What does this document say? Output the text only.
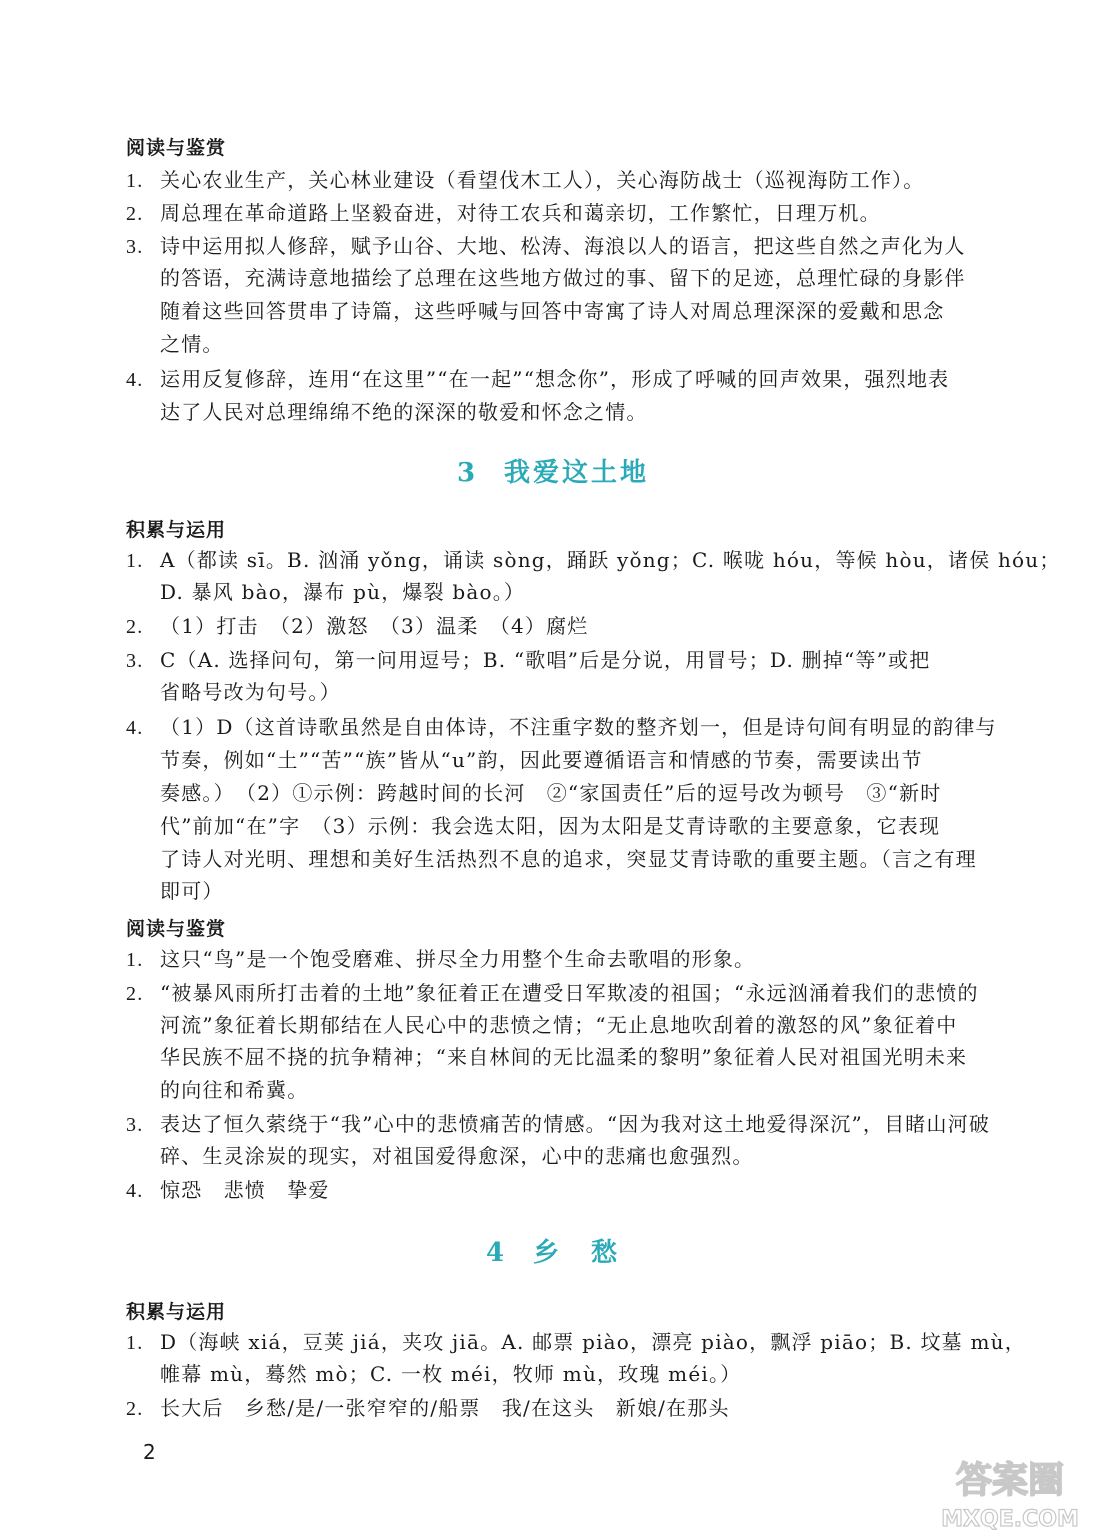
阅读与鉴赏
1. 关心农业生产，关心林业建设（看望伐木工人），关心海防战士（巡视海防工作）。
2. 周总理在革命道路上坚毅奋进，对待工农兵和蔼亲切，工作繁忙，日理万机。
3. 诗中运用拟人修辞，赋予山谷、大地、松涛、海浪以人的语言，把这些自然之声化为人
的答语，充满诗意地描绘了总理在这些地方做过的事、留下的足迹，总理忙碌的身影伴
随着这些回答贯串了诗篇，这些呼喊与回答中寄寓了诗人对周总理深深的爱戴和思念
之情。
4. 运用反复修辞，连用“在这里”“在一起”“想念你”，形成了呼喊的回声效果，强烈地表
达了人民对总理绵绵不绝的深深的敬爱和怀念之情。
3 我爱这土地
积累与运用
1. A（都读 sī。B. 汹涌 yǒng，诵读 sòng，踊跃 yǒng；C. 喉咙 hóu，等候 hòu，诸侯 hóu；
D. 暴风 bào，瀑布 pù，爆裂 bào。）
2. （1）打击　（2）激怒　（3）温柔　（4）腐烂
3. C（A. 选择问句，第一问用逗号；B. “歌唱”后是分说，用冒号；D. 删掉“等”或把
省略号改为句号。）
4. （1）D（这首诗歌虽然是自由体诗，不注重字数的整齐划一，但是诗句间有明显的韵律与
节奏，例如“土”“苦”“族”皆从“u”韵，因此要遵循语言和情感的节奏，需要读出节
奏感。）　（2）①示例：跨越时间的长河　②“家国责任”后的逗号改为顿号　③“新时
代”前加“在”字　（3）示例：我会选太阳，因为太阳是艾青诗歌的主要意象，它表现
了诗人对光明、理想和美好生活热烈不息的追求，突显艾青诗歌的重要主题。（言之有理
即可）
阅读与鉴赏
1. 这只“鸟”是一个饱受磨难、拼尽全力用整个生命去歌唱的形象。
2. “被暴风雨所打击着的土地”象征着正在遭受日军欺凌的祖国；“永远汹涌着我们的悲愤的
河流”象征着长期郁结在人民心中的悲愤之情；“无止息地吹刮着的激怒的风”象征着中
华民族不屈不挠的抗争精神；“来自林间的无比温柔的黎明”象征着人民对祖国光明未来
的向往和希冀。
3. 表达了恒久萦绕于“我”心中的悲愤痛苦的情感。“因为我对这土地爱得深沉”，目睹山河破
碎、生灵涂炭的现实，对祖国爱得愈深，心中的悲痛也愈强烈。
4. 惊恐　悲愤　挚爱
4 乡　愁
积累与运用
1. D（海峡 xiá，豆荚 jiá，夹攻 jiā。A. 邮票 piào，漂亮 piào，飘浮 piāo；B. 坟墓 mù，
帷幕 mù，蓦然 mò；C. 一枚 méi，牧师 mù，玫瑰 méi。）
2. 长大后　乡愁/是/一张窄窄的/船票　我/在这头　新娘/在那头
2
答案圈
MXQE.COM
